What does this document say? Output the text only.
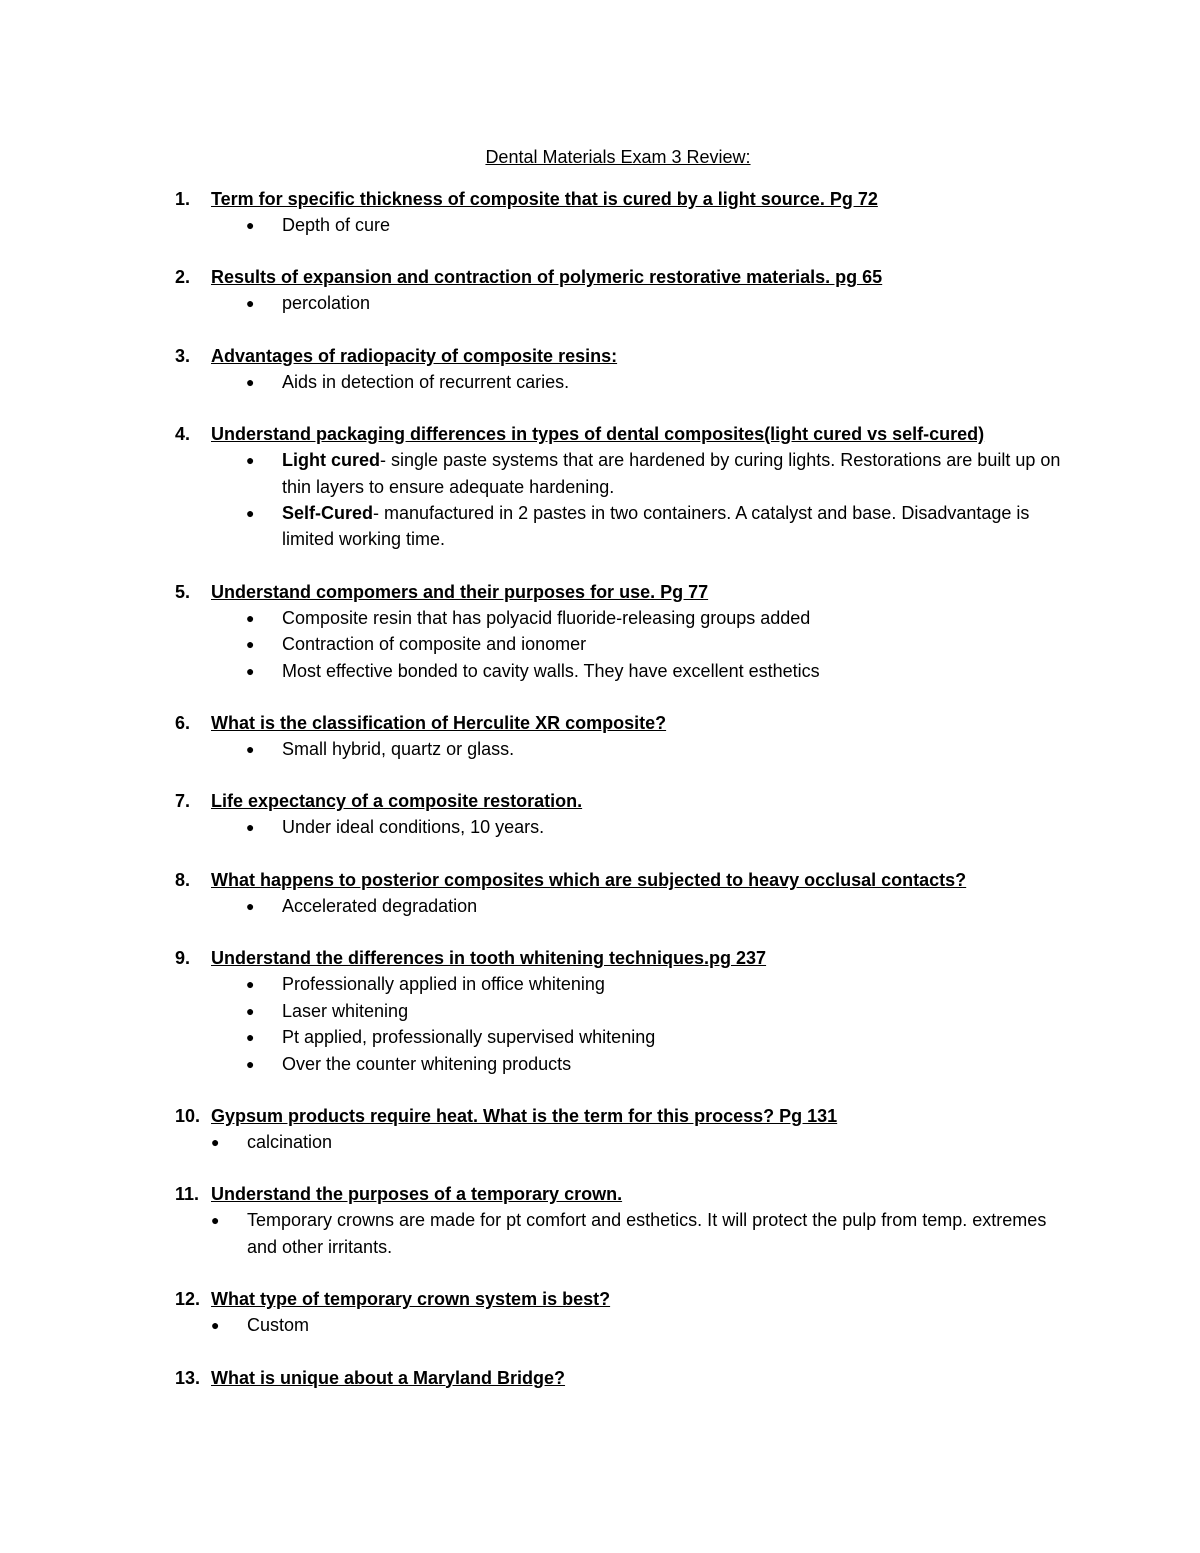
Dental Materials Exam 3 Review:
1. Term for specific thickness of composite that is cured by a light source. Pg 72
● Depth of cure
2. Results of expansion and contraction of polymeric restorative materials. pg 65
● percolation
3. Advantages of radiopacity of composite resins:
● Aids in detection of recurrent caries.
4. Understand packaging differences in types of dental composites(light cured vs self-cured)
● Light cured- single paste systems that are hardened by curing lights. Restorations are built up on thin layers to ensure adequate hardening.
● Self-Cured- manufactured in 2 pastes in two containers. A catalyst and base. Disadvantage is limited working time.
5. Understand compomers and their purposes for use. Pg 77
● Composite resin that has polyacid fluoride-releasing groups added
● Contraction of composite and ionomer
● Most effective bonded to cavity walls. They have excellent esthetics
6. What is the classification of Herculite XR composite?
● Small hybrid, quartz or glass.
7. Life expectancy of a composite restoration.
● Under ideal conditions, 10 years.
8. What happens to posterior composites which are subjected to heavy occlusal contacts?
● Accelerated degradation
9. Understand the differences in tooth whitening techniques.pg 237
● Professionally applied in office whitening
● Laser whitening
● Pt applied, professionally supervised whitening
● Over the counter whitening products
10. Gypsum products require heat. What is the term for this process? Pg 131
● calcination
11. Understand the purposes of a temporary crown.
● Temporary crowns are made for pt comfort and esthetics. It will protect the pulp from temp. extremes and other irritants.
12. What type of temporary crown system is best?
● Custom
13. What is unique about a Maryland Bridge?
